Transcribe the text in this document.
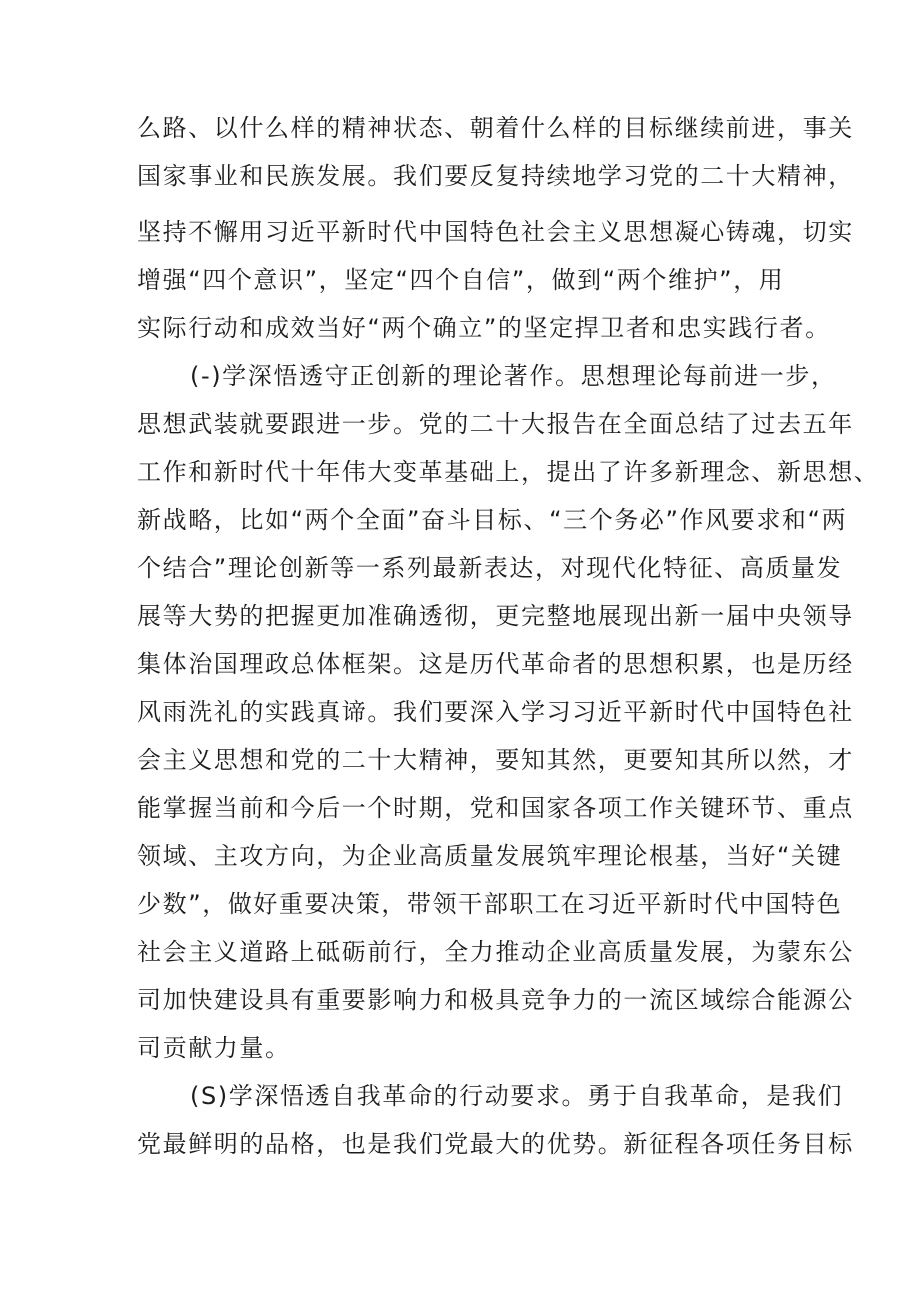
么路、以什么样的精神状态、朝着什么样的目标继续前进，事关
国家事业和民族发展。我们要反复持续地学习党的二十大精神，
坚持不懈用习近平新时代中国特色社会主义思想凝心铸魂，切实
增强“四个意识”，坚定“四个自信”，做到“两个维护”，用
实际行动和成效当好“两个确立”的坚定捍卫者和忠实践行者。
(-)学深悟透守正创新的理论著作。思想理论每前进一步，
思想武装就要跟进一步。党的二十大报告在全面总结了过去五年
工作和新时代十年伟大变革基础上，提出了许多新理念、新思想、
新战略，比如“两个全面”奋斗目标、“三个务必”作风要求和“两
个结合”理论创新等一系列最新表达，对现代化特征、高质量发
展等大势的把握更加准确透彻，更完整地展现出新一届中央领导
集体治国理政总体框架。这是历代革命者的思想积累，也是历经
风雨洗礼的实践真谛。我们要深入学习习近平新时代中国特色社
会主义思想和党的二十大精神，要知其然，更要知其所以然，才
能掌握当前和今后一个时期，党和国家各项工作关键环节、重点
领域、主攻方向，为企业高质量发展筑牢理论根基，当好“关键
少数”，做好重要决策，带领干部职工在习近平新时代中国特色
社会主义道路上砥砺前行，全力推动企业高质量发展，为蒙东公
司加快建设具有重要影响力和极具竞争力的一流区域综合能源公
司贡献力量。
(S)学深悟透自我革命的行动要求。勇于自我革命，是我们
党最鲜明的品格，也是我们党最大的优势。新征程各项任务目标
